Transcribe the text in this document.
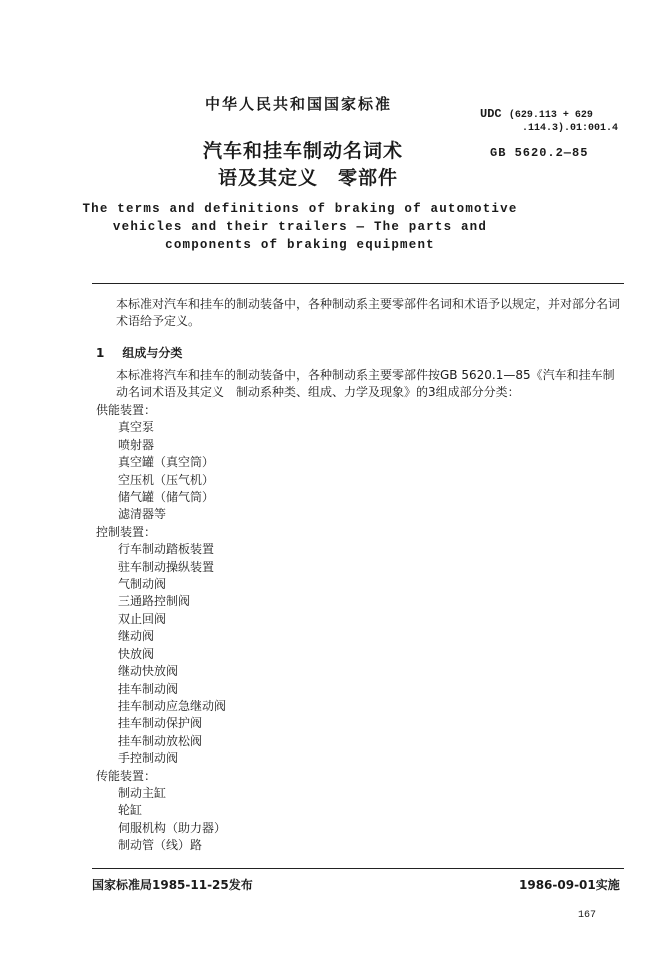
中华人民共和国国家标准
汽车和挂车制动名词术
语及其定义　零部件
UDC (629.113 + 629
.114.3).01:001.4
GB 5620.2—85
The terms and definitions of braking of automotive
vehicles and their trailers — The parts and
components of braking equipment
本标准对汽车和挂车的制动装备中，各种制动系主要零部件名词和术语予以规定，并对部分名词术语给予定义。
1 组成与分类
本标准将汽车和挂车的制动装备中，各种制动系主要零部件按GB 5620.1—85《汽车和挂车制动名词术语及其定义　制动系种类、组成、力学及现象》的3组成部分分类：
供能装置：
真空泵
喷射器
真空罐（真空筒）
空压机（压气机）
储气罐（储气筒）
滤清器等
控制装置：
行车制动踏板装置
驻车制动操纵装置
气制动阀
三通路控制阀
双止回阀
继动阀
快放阀
继动快放阀
挂车制动阀
挂车制动应急继动阀
挂车制动保护阀
挂车制动放松阀
手控制动阀
传能装置：
制动主缸
轮缸
伺服机构（助力器）
制动管（线）路
国家标准局1985-11-25发布	1986-09-01实施
167
